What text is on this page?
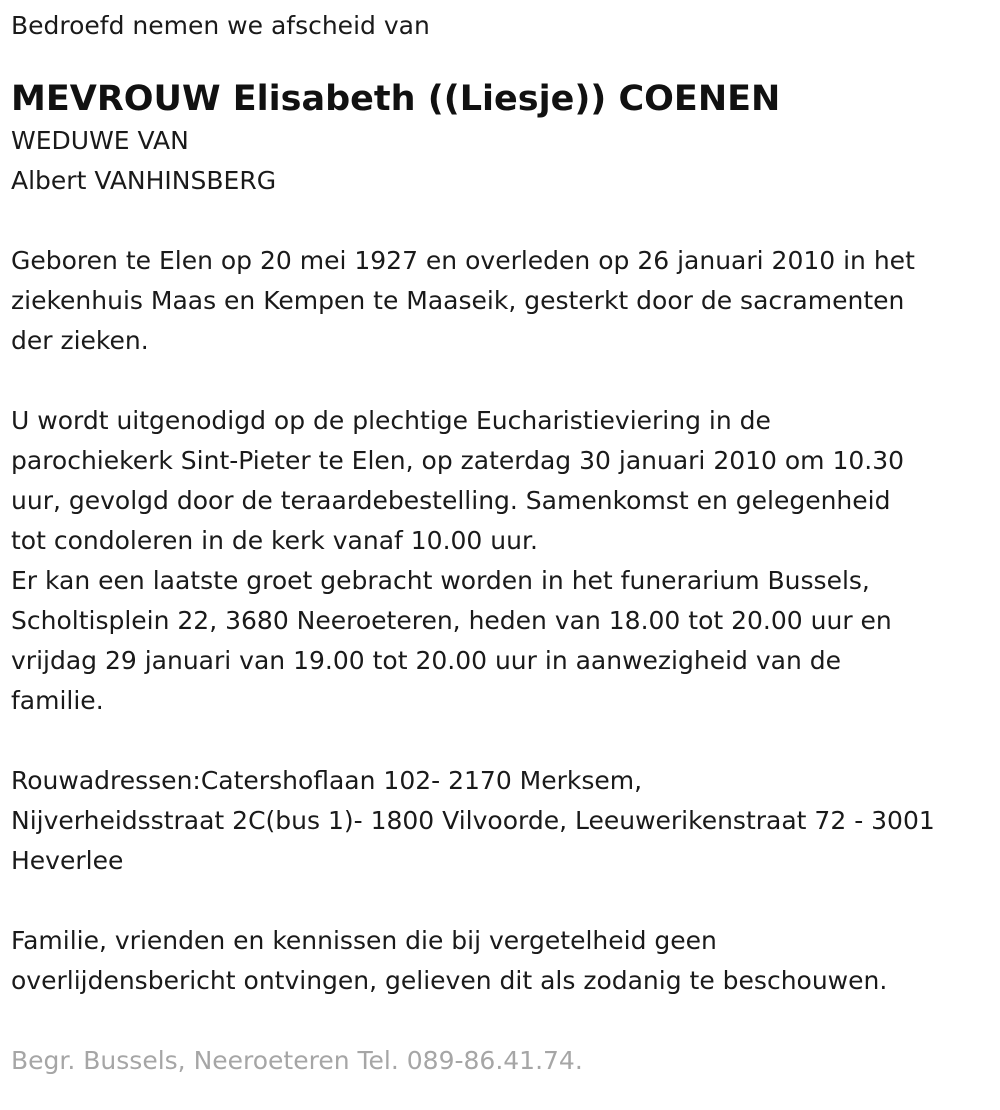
Bedroefd nemen we afscheid van

MEVROUW Elisabeth ((Liesje)) COENEN

WEDUWE VAN

Albert VANHINSBERG

Geboren te Elen op 20 mei 1927 en overleden op 26 januari 2010 in het

ziekenhuis Maas en Kempen te Maaseik, gesterkt door de sacramenten

der zieken.

U wordt uitgenodigd op de plechtige Eucharistieviering in de

parochiekerk Sint-Pieter te Elen, op zaterdag 30 januari 2010 om 10.30

uur, gevolgd door de teraardebestelling. Samenkomst en gelegenheid

tot condoleren in de kerk vanaf 10.00 uur.

Er kan een laatste groet gebracht worden in het funerarium Bussels,

Scholtisplein 22, 3680 Neeroeteren, heden van 18.00 tot 20.00 uur en

vrijdag 29 januari van 19.00 tot 20.00 uur in aanwezigheid van de

familie.

Rouwadressen:Catershoflaan 102- 2170 Merksem,

Nijverheidsstraat 2C(bus 1)- 1800 Vilvoorde, Leeuwerikenstraat 72 - 3001

Heverlee

Familie, vrienden en kennissen die bij vergetelheid geen

overlijdensbericht ontvingen, gelieven dit als zodanig te beschouwen.

Begr. Bussels, Neeroeteren Tel. 089-86.41.74.
